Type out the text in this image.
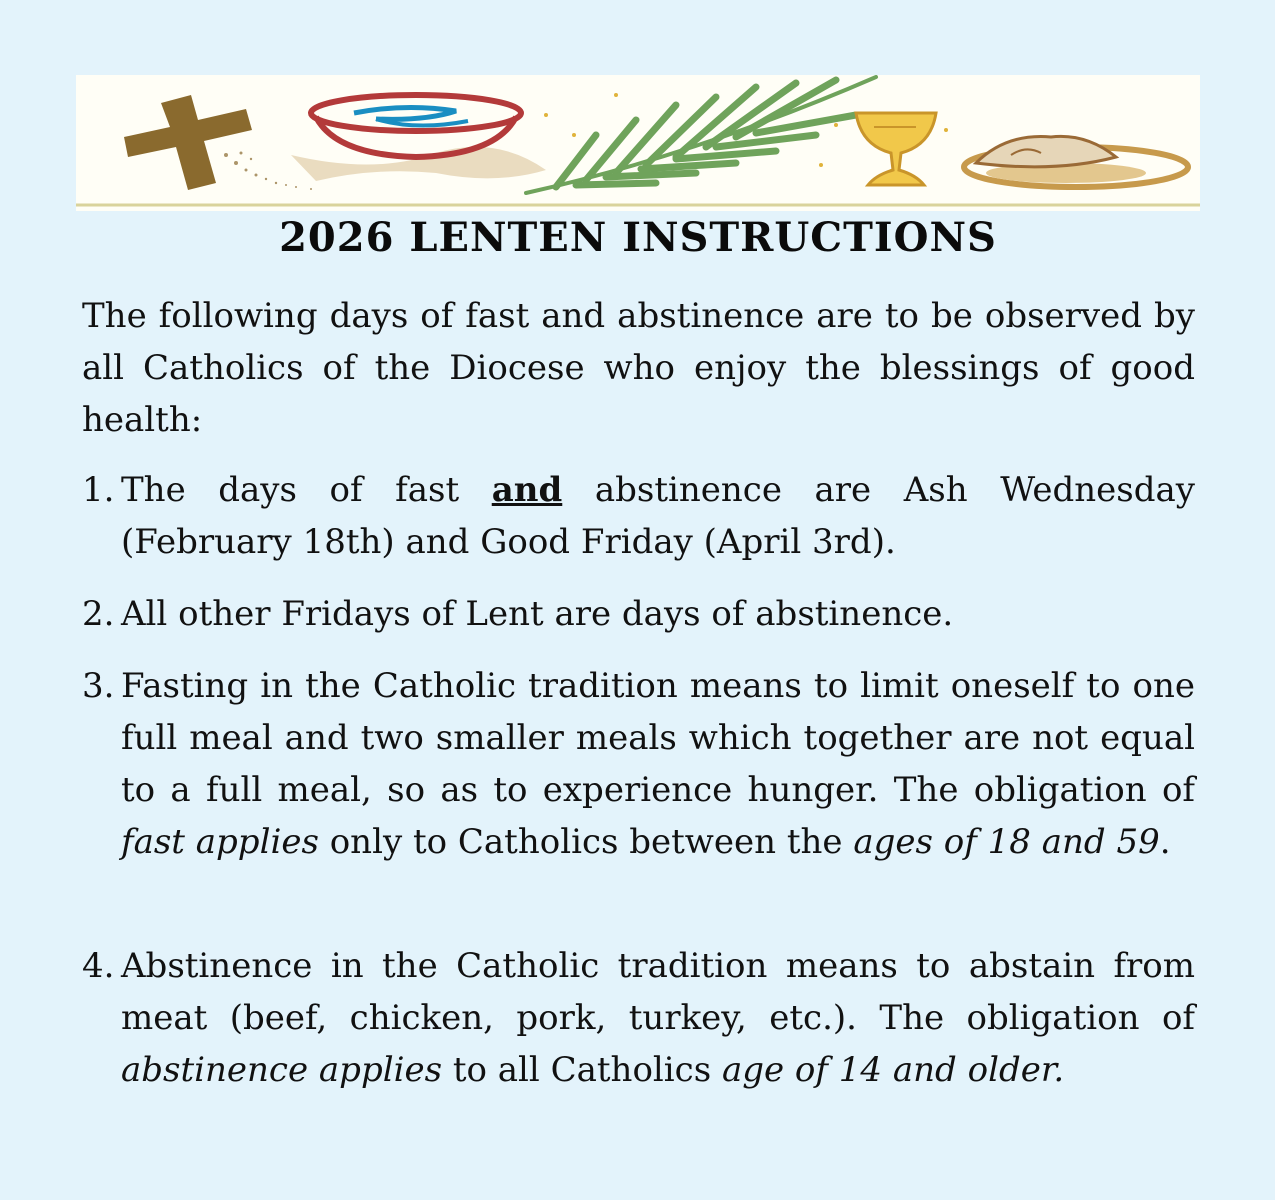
2026 LENTEN INSTRUCTIONS
The following days of fast and abstinence are to be observed by all Catholics of the Diocese who enjoy the blessings of good health:
1. The days of fast and abstinence are Ash Wednesday (February 18th) and Good Friday (April 3rd).
2. All other Fridays of Lent are days of abstinence.
3. Fasting in the Catholic tradition means to limit oneself to one full meal and two smaller meals which together are not equal to a full meal, so as to experience hunger. The obligation of fast applies only to Catholics between the ages of 18 and 59.
4. Abstinence in the Catholic tradition means to abstain from meat (beef, chicken, pork, turkey, etc.). The obligation of abstinence applies to all Catholics age of 14 and older.
